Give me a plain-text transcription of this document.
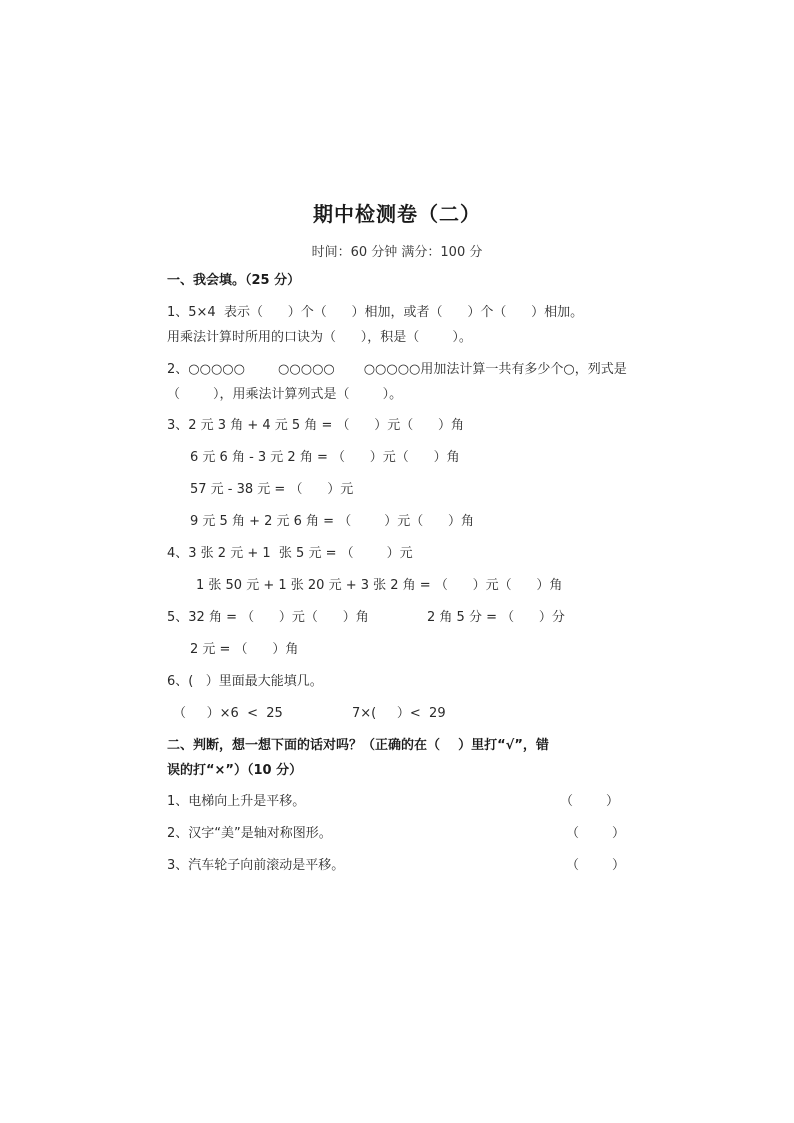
期中检测卷（二）
时间：60 分钟 满分：100 分
一、我会填。（25 分）
1、5×4  表示（      ）个（      ）相加，或者（      ）个（      ）相加。
用乘法计算时所用的口诀为（      ），积是（        ）。
2、○○○○○        ○○○○○       ○○○○○用加法计算一共有多少个○，列式是
（        ），用乘法计算列式是（        ）。
3、2 元 3 角 + 4 元 5 角 = （      ）元（      ）角
6 元 6 角 - 3 元 2 角 = （      ）元（      ）角
57 元 - 38 元 = （      ）元
9 元 5 角 + 2 元 6 角 = （        ）元（      ）角
4、3 张 2 元 + 1  张 5 元 = （        ）元
1 张 50 元 + 1 张 20 元 + 3 张 2 角 = （      ）元（      ）角
5、32 角 = （      ）元（      ）角	2 角 5 分 = （      ）分
2 元 = （      ）角
6、(   ）里面最大能填几。
（     ）×6  <  25	7×(     ）<  29
二、判断，想一想下面的话对吗？（正确的在（    ）里打“√”，错
误的打“×”）（10 分）
1、电梯向上升是平移。	（        ）
2、汉字“美”是轴对称图形。	（        ）
3、汽车轮子向前滚动是平移。	（        ）
